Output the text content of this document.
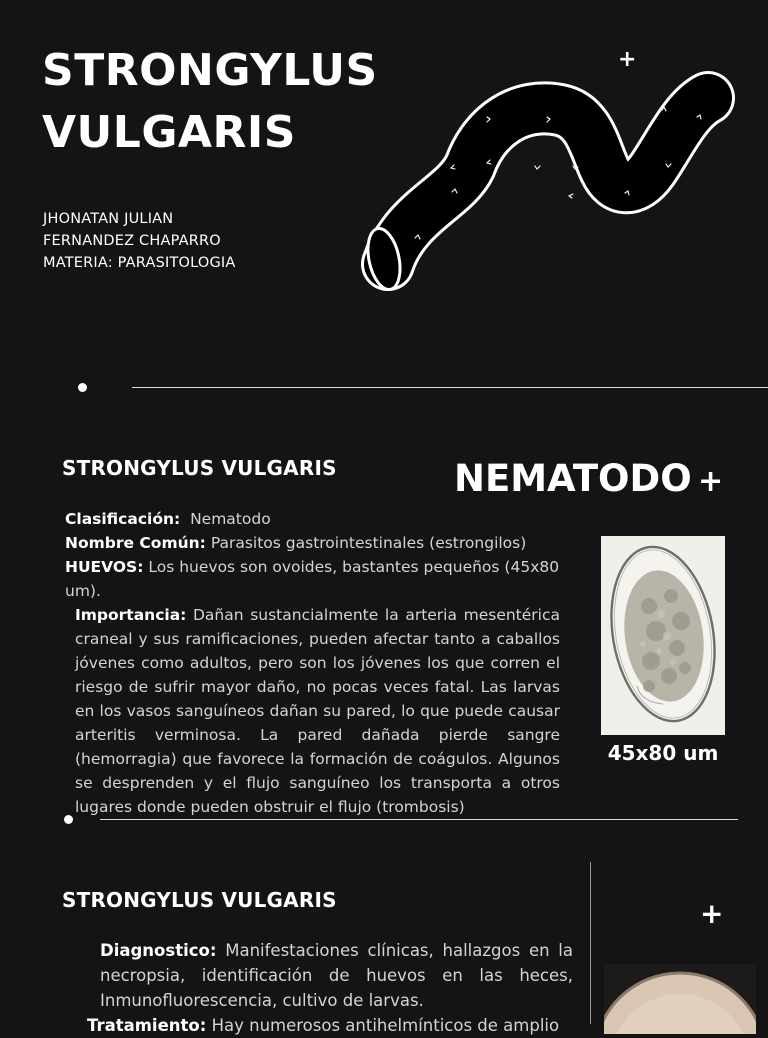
STRONGYLUS
VULGARIS
JHONATAN JULIAN
FERNANDEZ CHAPARRO
MATERIA: PARASITOLOGIA
+
STRONGYLUS VULGARIS	NEMATODO +

Clasificación: Nematodo

Nombre Común: Parasitos gastrointestinales (estrongilos)

HUEVOS: Los huevos son ovoides, bastantes pequeños (45x80 um).

Importancia: Dañan sustancialmente la arteria mesentérica craneal y sus ramificaciones, pueden afectar tanto a caballos jóvenes como adultos, pero son los jóvenes los que corren el riesgo de sufrir mayor daño, no pocas veces fatal. Las larvas en los vasos sanguíneos dañan su pared, lo que puede causar arteritis verminosa. La pared dañada pierde sangre (hemorragia) que favorece la formación de coágulos. Algunos se desprenden y el flujo sanguíneo los transporta a otros lugares donde pueden obstruir el flujo (trombosis)

45x80 um
STRONGYLUS VULGARIS	+

Diagnostico: Manifestaciones clínicas, hallazgos en la necropsia, identificación de huevos en las heces, Inmunofluorescencia, cultivo de larvas.

Tratamiento: Hay numerosos antihelmínticos de amplio
